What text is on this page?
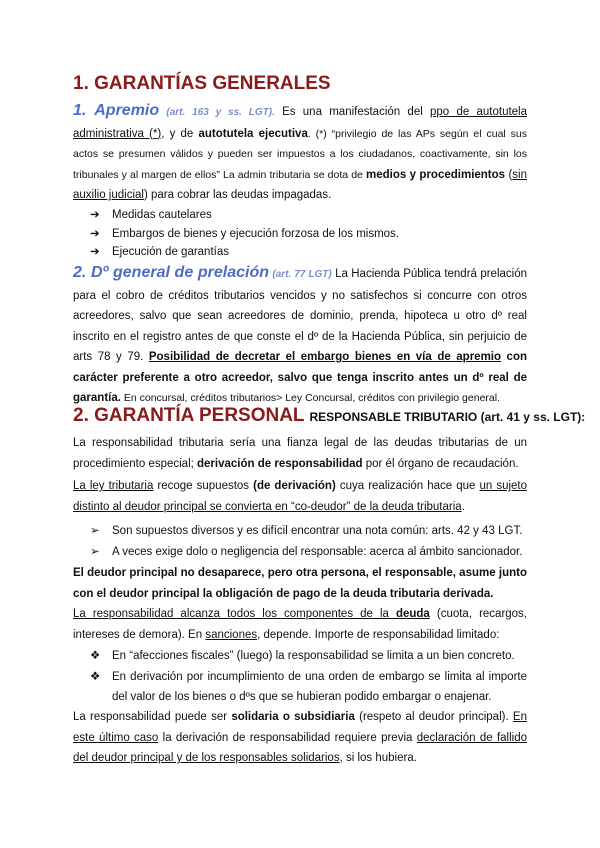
1. GARANTÍAS GENERALES
1. Apremio (art. 163 y ss. LGT). Es una manifestación del ppo de autotutela administrativa (*), y de autotutela ejecutiva. (*) “privilegio de las APs según el cual sus actos se presumen válidos y pueden ser impuestos a los ciudadanos, coactivamente, sin los tribunales y al margen de ellos” La admin tributaria se dota de medios y procedimientos (sin auxilio judicial) para cobrar las deudas impagadas.
➔ Medidas cautelares
➔ Embargos de bienes y ejecución forzosa de los mismos.
➔ Ejecución de garantías
2. Dº general de prelación (art. 77 LGT) La Hacienda Pública tendrá prelación para el cobro de créditos tributarios vencidos y no satisfechos si concurre con otros acreedores, salvo que sean acreedores de dominio, prenda, hipoteca u otro dº real inscrito en el registro antes de que conste el dº de la Hacienda Pública, sin perjuicio de arts 78 y 79. Posibilidad de decretar el embargo bienes en vía de apremio con carácter preferente a otro acreedor, salvo que tenga inscrito antes un dº real de garantía. En concursal, créditos tributarios> Ley Concursal, créditos con privilegio general.
2. GARANTÍA PERSONAL RESPONSABLE TRIBUTARIO (art. 41 y ss. LGT):
La responsabilidad tributaria sería una fianza legal de las deudas tributarias de un procedimiento especial; derivación de responsabilidad por él órgano de recaudación.
La ley tributaria recoge supuestos (de derivación) cuya realización hace que un sujeto distinto al deudor principal se convierta en “co-deudor” de la deuda tributaria.
➢ Son supuestos diversos y es difícil encontrar una nota común: arts. 42 y 43 LGT.
➢ A veces exige dolo o negligencia del responsable: acerca al ámbito sancionador.
El deudor principal no desaparece, pero otra persona, el responsable, asume junto con el deudor principal la obligación de pago de la deuda tributaria derivada.
La responsabilidad alcanza todos los componentes de la deuda (cuota, recargos, intereses de demora). En sanciones, depende. Importe de responsabilidad limitado:
❖ En “afecciones fiscales” (luego) la responsabilidad se limita a un bien concreto.
❖ En derivación por incumplimiento de una orden de embargo se limita al importe del valor de los bienes o dºs que se hubieran podido embargar o enajenar.
La responsabilidad puede ser solidaria o subsidiaria (respeto al deudor principal). En este último caso la derivación de responsabilidad requiere previa declaración de fallido del deudor principal y de los responsables solidarios, si los hubiera.
